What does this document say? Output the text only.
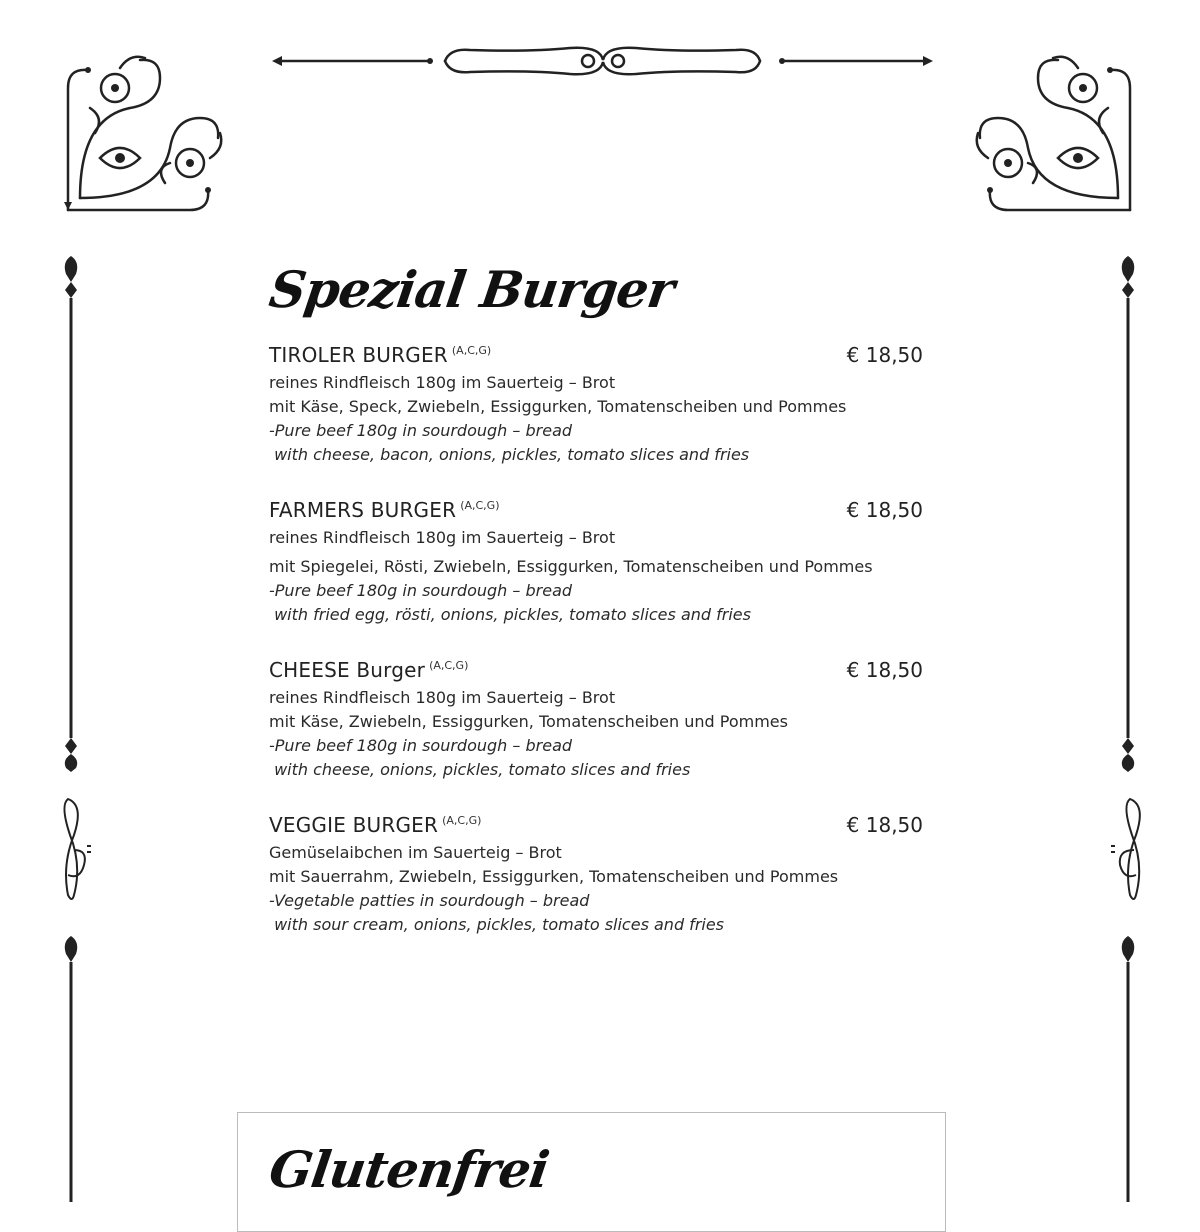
Spezial Burger
TIROLER BURGER $^{(A,C,G)}$	€ 18,50
reines Rindfleisch 180g im Sauerteig – Brot
mit Käse, Speck, Zwiebeln, Essiggurken, Tomatenscheiben und Pommes
-Pure beef 180g in sourdough – bread
with cheese, bacon, onions, pickles, tomato slices and fries
FARMERS BURGER $^{(A,C,G)}$	€ 18,50
reines Rindfleisch 180g im Sauerteig – Brot
mit Spiegelei, Rösti, Zwiebeln, Essiggurken, Tomatenscheiben und Pommes
-Pure beef 180g in sourdough – bread
with fried egg, rösti, onions, pickles, tomato slices and fries
CHEESE Burger $^{(A,C,G)}$	€ 18,50
reines Rindfleisch 180g im Sauerteig – Brot
mit Käse, Zwiebeln, Essiggurken, Tomatenscheiben und Pommes
-Pure beef 180g in sourdough – bread
with cheese, onions, pickles, tomato slices and fries
VEGGIE BURGER $^{(A,C,G)}$	€ 18,50
Gemüselaibchen im Sauerteig – Brot
mit Sauerrahm, Zwiebeln, Essiggurken, Tomatenscheiben und Pommes
-Vegetable patties in sourdough – bread
with sour cream, onions, pickles, tomato slices and fries
Glutenfrei
